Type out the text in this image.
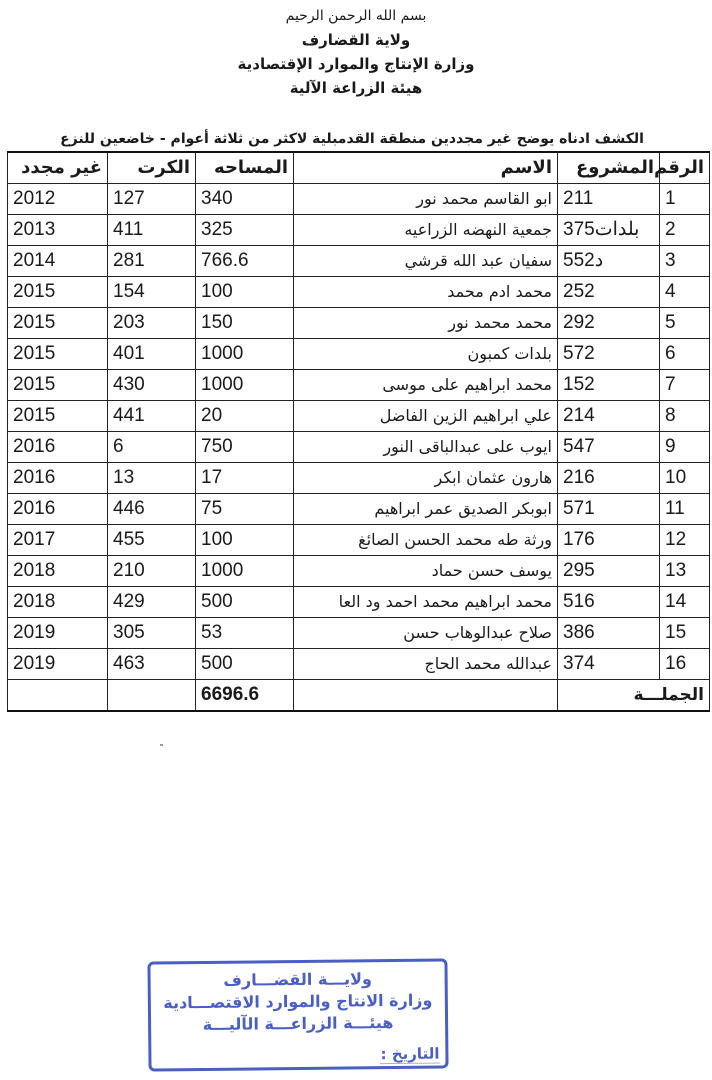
بسم الله الرحمن الرحيم
ولاية القضارف
وزارة الإنتاج والموارد الإقتصادية
هيئة الزراعة الآلية
الكشف ادناه يوضح غير مجددين منطقة القدمبلية لاكثر من ثلاثة أعوام - خاضعين للنزع
الرقم	المشروع	الاسم	المساحه	الكرت	غير مجدد
1	211	ابو القاسم محمد نور	340	127	2012
2	375بلدات	جمعية النهضه الزراعيه	325	411	2013
3	552د	سفيان عبد الله قرشي	766.6	281	2014
4	252	محمد ادم محمد	100	154	2015
5	292	محمد محمد نور	150	203	2015
6	572	بلدات كمبون	1000	401	2015
7	152	محمد ابراهيم على موسى	1000	430	2015
8	214	علي ابراهيم الزين الفاضل	20	441	2015
9	547	ايوب على عبدالباقى النور	750	6	2016
10	216	هارون عثمان ابكر	17	13	2016
11	571	ابوبكر الصديق عمر ابراهيم	75	446	2016
12	176	ورثة طه محمد الحسن الصائغ	100	455	2017
13	295	يوسف حسن حماد	1000	210	2018
14	516	محمد ابراهيم محمد احمد ود العا	500	429	2018
15	386	صلاح عبدالوهاب حسن	53	305	2019
16	374	عبدالله محمد الحاج	500	463	2019
الجملـــة			6696.6		
ولايـــة القضـــارف
وزارة الانتاج والموارد الاقتصـــادية
هيئـــة الزراعـــة الآليـــة
التاريخ :
